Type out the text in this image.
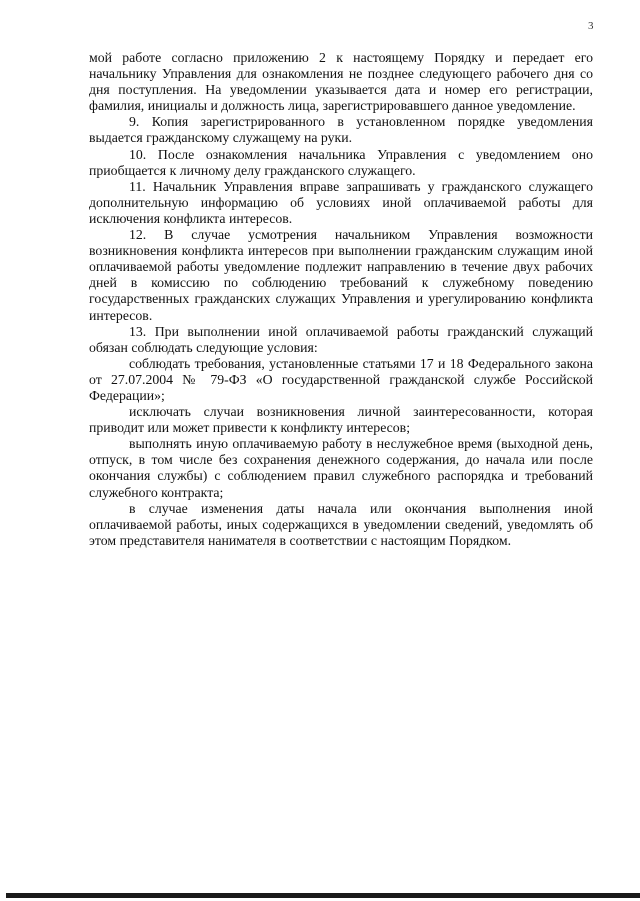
3

мой работе согласно приложению 2 к настоящему Порядку и передает его начальнику Управления для ознакомления не позднее следующего рабочего дня со дня поступления. На уведомлении указывается дата и номер его регистрации, фамилия, инициалы и должность лица, зарегистрировавшего данное уведомление.

9. Копия зарегистрированного в установленном порядке уведомления выдается гражданскому служащему на руки.

10. После ознакомления начальника Управления с уведомлением оно приобщается к личному делу гражданского служащего.

11. Начальник Управления вправе запрашивать у гражданского служащего дополнительную информацию об условиях иной оплачиваемой работы для исключения конфликта интересов.

12. В случае усмотрения начальником Управления возможности возникновения конфликта интересов при выполнении гражданским служащим иной оплачиваемой работы уведомление подлежит направлению в течение двух рабочих дней в комиссию по соблюдению требований к служебному поведению государственных гражданских служащих Управления и урегулированию конфликта интересов.

13. При выполнении иной оплачиваемой работы гражданский служащий обязан соблюдать следующие условия:

соблюдать требования, установленные статьями 17 и 18 Федерального закона от 27.07.2004 № 79-ФЗ «О государственной гражданской службе Российской Федерации»;

исключать случаи возникновения личной заинтересованности, которая приводит или может привести к конфликту интересов;

выполнять иную оплачиваемую работу в неслужебное время (выходной день, отпуск, в том числе без сохранения денежного содержания, до начала или после окончания службы) с соблюдением правил служебного распорядка и требований служебного контракта;

в случае изменения даты начала или окончания выполнения иной оплачиваемой работы, иных содержащихся в уведомлении сведений, уведомлять об этом представителя нанимателя в соответствии с настоящим Порядком.
